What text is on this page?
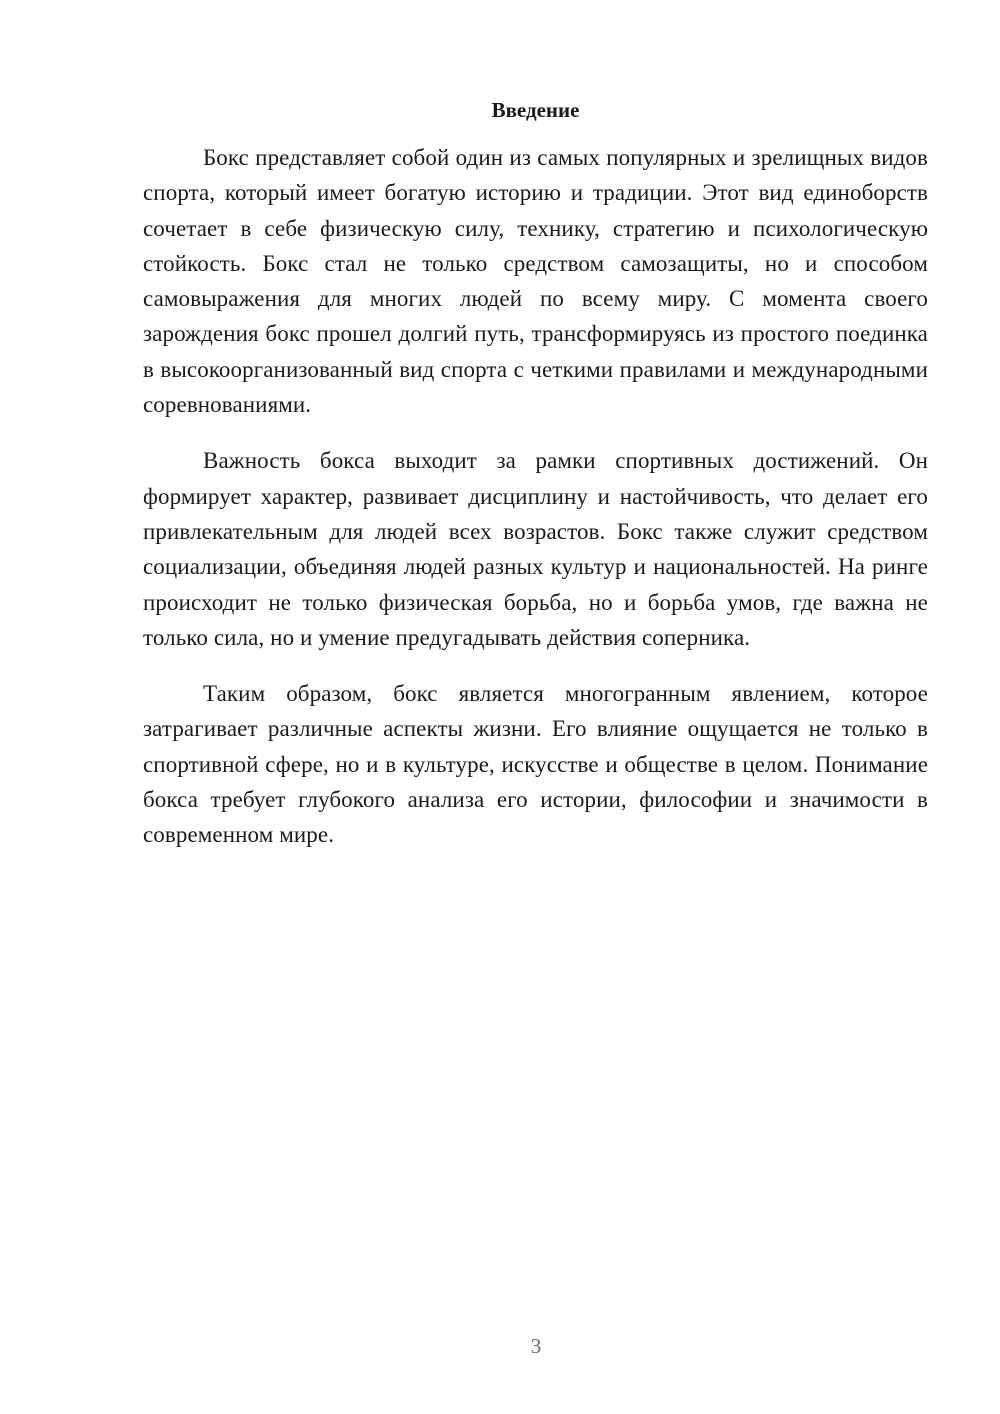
Введение

Бокс представляет собой один из самых популярных и зрелищных видов спорта, который имеет богатую историю и традиции. Этот вид единоборств сочетает в себе физическую силу, технику, стратегию и психологическую стойкость. Бокс стал не только средством самозащиты, но и способом самовыражения для многих людей по всему миру. С момента своего зарождения бокс прошел долгий путь, трансформируясь из простого поединка в высокоорганизованный вид спорта с четкими правилами и международными соревнованиями.

Важность бокса выходит за рамки спортивных достижений. Он формирует характер, развивает дисциплину и настойчивость, что делает его привлекательным для людей всех возрастов. Бокс также служит средством социализации, объединяя людей разных культур и национальностей. На ринге происходит не только физическая борьба, но и борьба умов, где важна не только сила, но и умение предугадывать действия соперника.

Таким образом, бокс является многогранным явлением, которое затрагивает различные аспекты жизни. Его влияние ощущается не только в спортивной сфере, но и в культуре, искусстве и обществе в целом. Понимание бокса требует глубокого анализа его истории, философии и значимости в современном мире.

3
